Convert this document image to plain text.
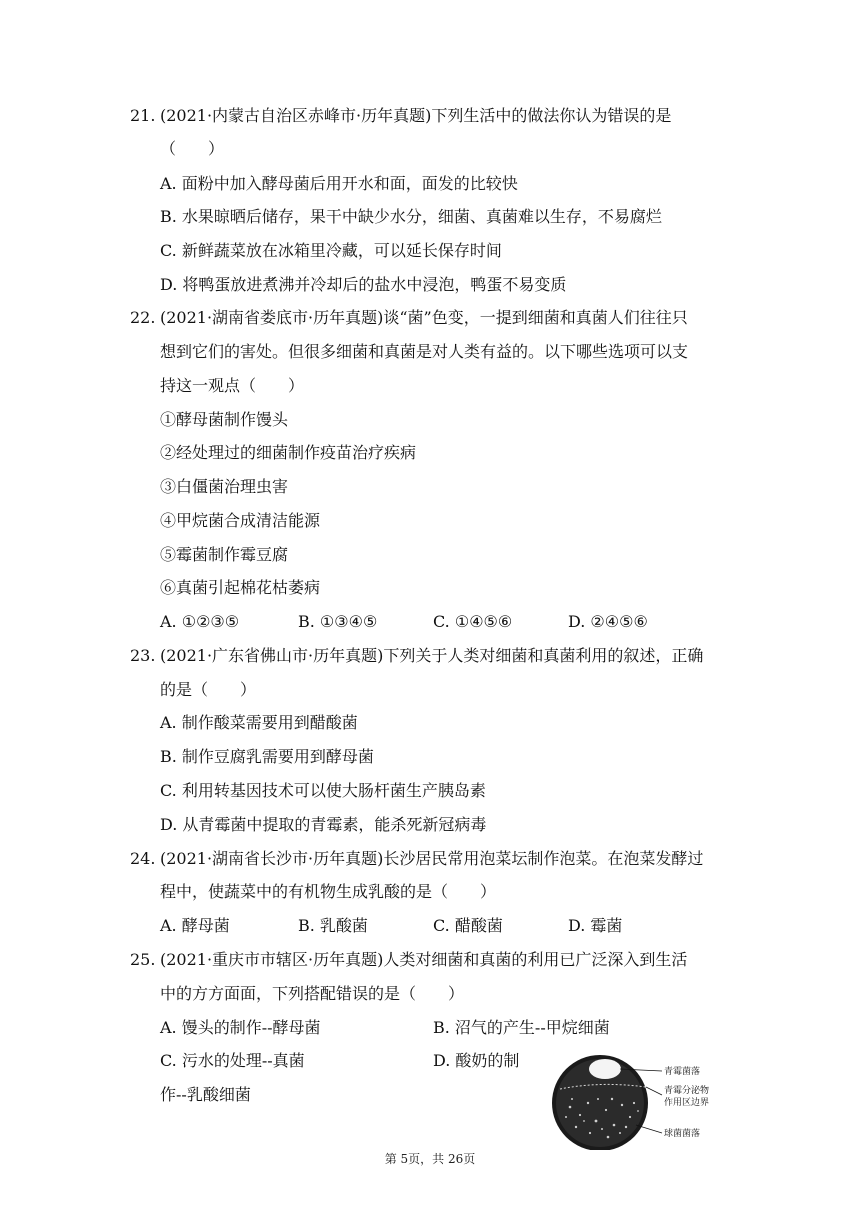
21. (2021·内蒙古自治区赤峰市·历年真题)下列生活中的做法你认为错误的是
（　　）
A. 面粉中加入酵母菌后用开水和面，面发的比较快
B. 水果晾晒后储存，果干中缺少水分，细菌、真菌难以生存，不易腐烂
C. 新鲜蔬菜放在冰箱里冷藏，可以延长保存时间
D. 将鸭蛋放进煮沸并冷却后的盐水中浸泡，鸭蛋不易变质
22. (2021·湖南省娄底市·历年真题)谈“菌”色变，一提到细菌和真菌人们往往只
想到它们的害处。但很多细菌和真菌是对人类有益的。以下哪些选项可以支
持这一观点（　　）
①酵母菌制作馒头
②经处理过的细菌制作疫苗治疗疾病
③白僵菌治理虫害
④甲烷菌合成清洁能源
⑤霉菌制作霉豆腐
⑥真菌引起棉花枯萎病
A. ①②③⑤	B. ①③④⑤	C. ①④⑤⑥	D. ②④⑤⑥
23. (2021·广东省佛山市·历年真题)下列关于人类对细菌和真菌利用的叙述，正确
的是（　　）
A. 制作酸菜需要用到醋酸菌
B. 制作豆腐乳需要用到酵母菌
C. 利用转基因技术可以使大肠杆菌生产胰岛素
D. 从青霉菌中提取的青霉素，能杀死新冠病毒
24. (2021·湖南省长沙市·历年真题)长沙居民常用泡菜坛制作泡菜。在泡菜发酵过
程中，使蔬菜中的有机物生成乳酸的是（　　）
A. 酵母菌	B. 乳酸菌	C. 醋酸菌	D. 霉菌
25. (2021·重庆市市辖区·历年真题)人类对细菌和真菌的利用已广泛深入到生活
中的方方面面，下列搭配错误的是（　　）
A. 馒头的制作--酵母菌	B. 沼气的产生--甲烷细菌
C. 污水的处理--真菌	D. 酸奶的制
作--乳酸细菌
青霉菌落
青霉分泌物
作用区边界
球菌菌落
第 5页，共 26页
